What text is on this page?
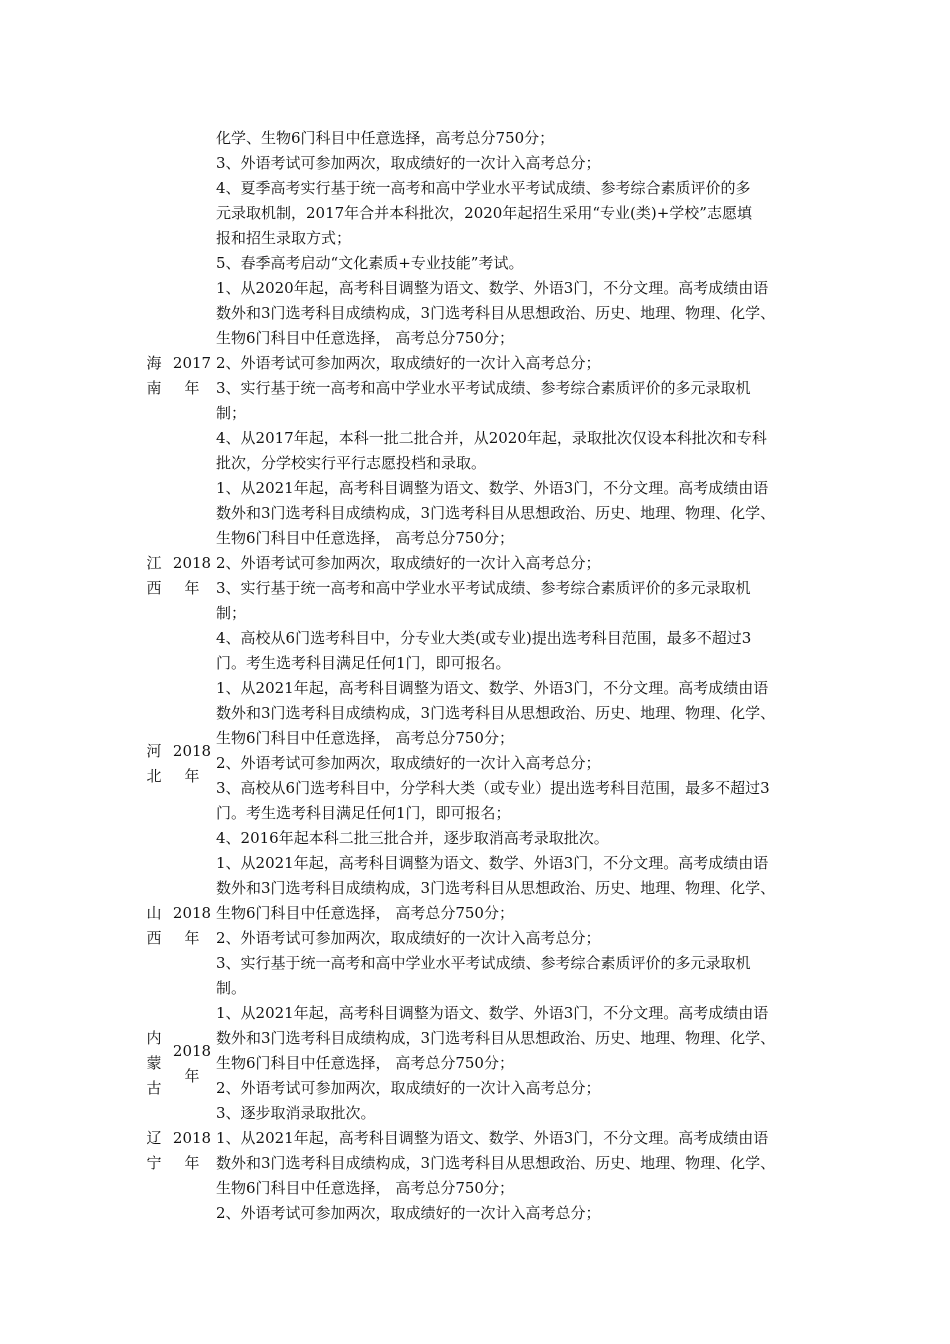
化学、生物6门科目中任意选择，高考总分750分；
3、外语考试可参加两次，取成绩好的一次计入高考总分；
4、夏季高考实行基于统一高考和高中学业水平考试成绩、参考综合素质评价的多
元录取机制，2017年合并本科批次，2020年起招生采用“专业(类)+学校”志愿填
报和招生录取方式；
5、春季高考启动“文化素质+专业技能”考试。
海
南
2017
年
1、从2020年起，高考科目调整为语文、数学、外语3门，不分文理。高考成绩由语
数外和3门选考科目成绩构成，3门选考科目从思想政治、历史、地理、物理、化学、
生物6门科目中任意选择， 高考总分750分；
2、外语考试可参加两次，取成绩好的一次计入高考总分；
3、实行基于统一高考和高中学业水平考试成绩、参考综合素质评价的多元录取机
制；
4、从2017年起，本科一批二批合并，从2020年起，录取批次仅设本科批次和专科
批次，分学校实行平行志愿投档和录取。
江
西
2018
年
1、从2021年起，高考科目调整为语文、数学、外语3门，不分文理。高考成绩由语
数外和3门选考科目成绩构成，3门选考科目从思想政治、历史、地理、物理、化学、
生物6门科目中任意选择， 高考总分750分；
2、外语考试可参加两次，取成绩好的一次计入高考总分；
3、实行基于统一高考和高中学业水平考试成绩、参考综合素质评价的多元录取机
制；
4、高校从6门选考科目中，分专业大类(或专业)提出选考科目范围，最多不超过3
门。考生选考科目满足任何1门，即可报名。
河
北
2018
年
1、从2021年起，高考科目调整为语文、数学、外语3门，不分文理。高考成绩由语
数外和3门选考科目成绩构成，3门选考科目从思想政治、历史、地理、物理、化学、
生物6门科目中任意选择， 高考总分750分；
2、外语考试可参加两次，取成绩好的一次计入高考总分；
3、高校从6门选考科目中，分学科大类（或专业）提出选考科目范围，最多不超过3
门。考生选考科目满足任何1门，即可报名；
4、2016年起本科二批三批合并，逐步取消高考录取批次。
山
西
2018
年
1、从2021年起，高考科目调整为语文、数学、外语3门，不分文理。高考成绩由语
数外和3门选考科目成绩构成，3门选考科目从思想政治、历史、地理、物理、化学、
生物6门科目中任意选择， 高考总分750分；
2、外语考试可参加两次，取成绩好的一次计入高考总分；
3、实行基于统一高考和高中学业水平考试成绩、参考综合素质评价的多元录取机
制。
内
蒙
古
2018
年
1、从2021年起，高考科目调整为语文、数学、外语3门，不分文理。高考成绩由语
数外和3门选考科目成绩构成，3门选考科目从思想政治、历史、地理、物理、化学、
生物6门科目中任意选择， 高考总分750分；
2、外语考试可参加两次，取成绩好的一次计入高考总分；
3、逐步取消录取批次。
辽
宁
2018
年
1、从2021年起，高考科目调整为语文、数学、外语3门，不分文理。高考成绩由语
数外和3门选考科目成绩构成，3门选考科目从思想政治、历史、地理、物理、化学、
生物6门科目中任意选择， 高考总分750分；
2、外语考试可参加两次，取成绩好的一次计入高考总分；
